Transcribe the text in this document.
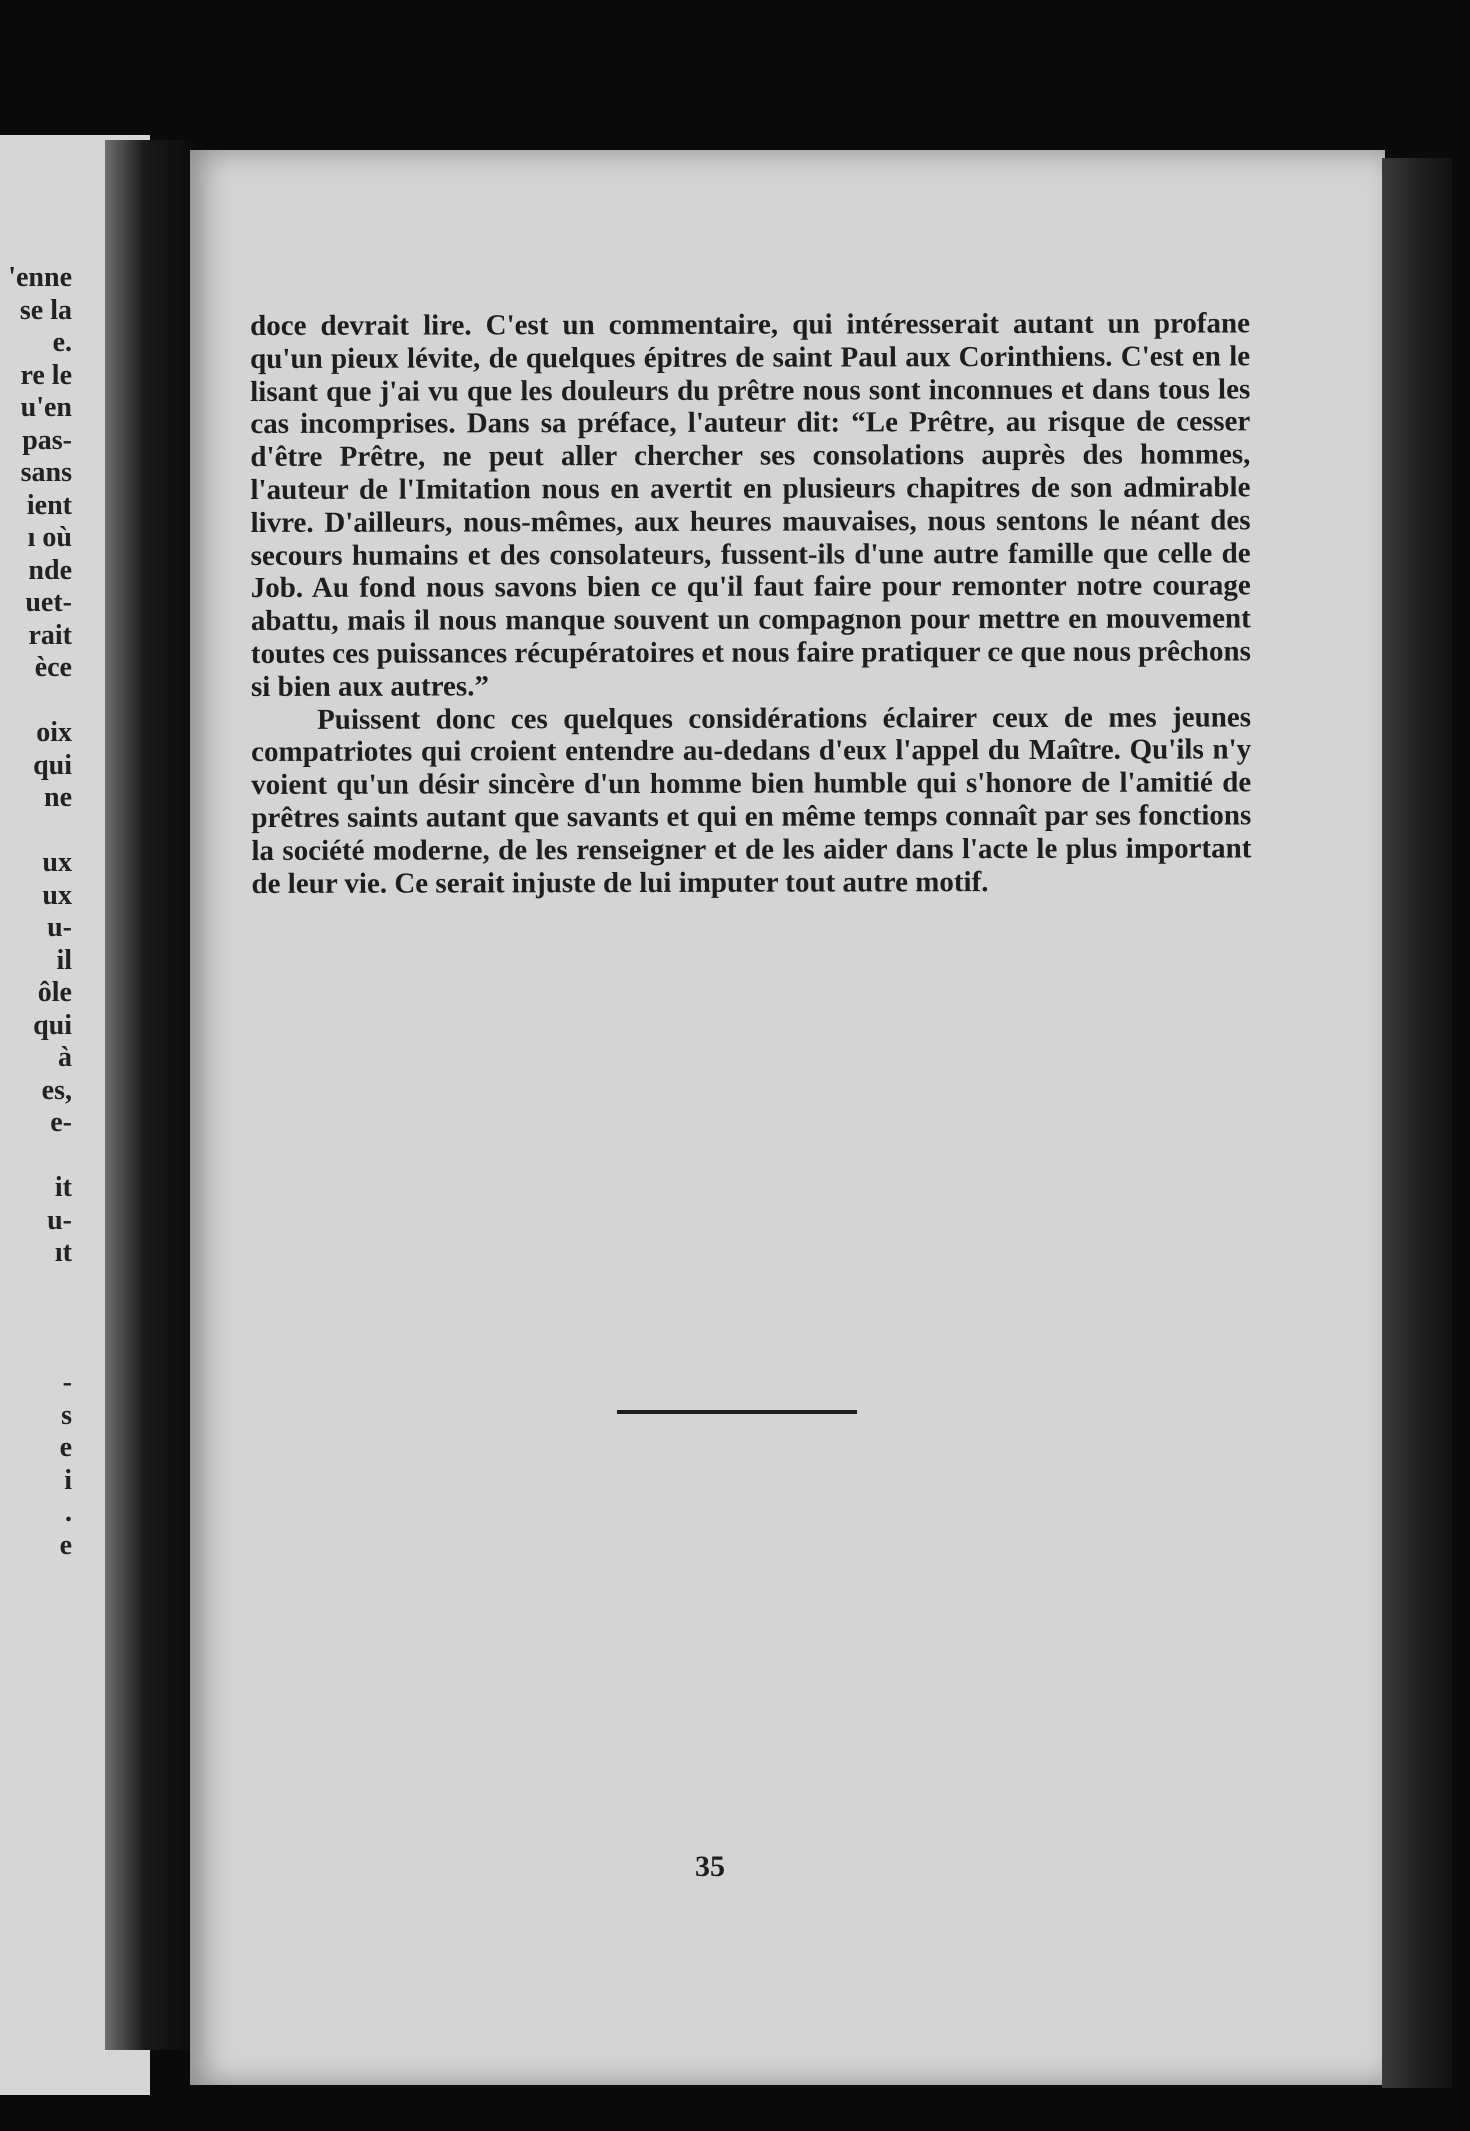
'enne
se la
e.
re le
u'en
pas-
sans
ient
ı où
nde
uet-
rait
èce
oix
qui
ne
ux
ux
u-
il
ôle
qui
à
es,
e-
it
u-
ıt
-
s
e
i
.
e

doce devrait lire. C'est un commentaire, qui intéresserait autant un profane qu'un pieux lévite, de quelques épitres de saint Paul aux Corinthiens. C'est en le lisant que j'ai vu que les douleurs du prêtre nous sont inconnues et dans tous les cas incomprises. Dans sa préface, l'auteur dit: “Le Prêtre, au risque de cesser d'être Prêtre, ne peut aller chercher ses consolations auprès des hommes, l'auteur de l'Imitation nous en avertit en plusieurs chapitres de son admirable livre. D'ailleurs, nous-mêmes, aux heures mauvaises, nous sentons le néant des secours humains et des consolateurs, fussent-ils d'une autre famille que celle de Job. Au fond nous savons bien ce qu'il faut faire pour remonter notre courage abattu, mais il nous manque souvent un compagnon pour mettre en mouvement toutes ces puissances récupératoires et nous faire pratiquer ce que nous prêchons si bien aux autres.”

Puissent donc ces quelques considérations éclairer ceux de mes jeunes compatriotes qui croient entendre au-dedans d'eux l'appel du Maître. Qu'ils n'y voient qu'un désir sincère d'un homme bien humble qui s'honore de l'amitié de prêtres saints autant que savants et qui en même temps connaît par ses fonctions la société moderne, de les renseigner et de les aider dans l'acte le plus important de leur vie. Ce serait injuste de lui imputer tout autre motif.

35
